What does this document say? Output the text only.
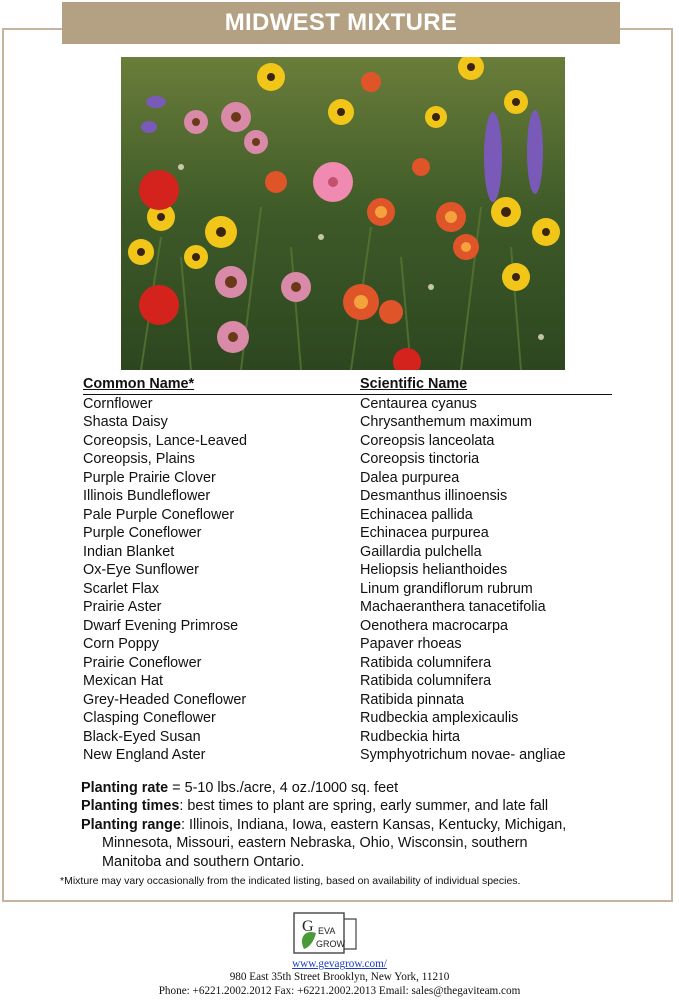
MIDWEST MIXTURE
Common Name*	Scientific Name
Cornflower	Centaurea cyanus
Shasta Daisy	Chrysanthemum maximum
Coreopsis, Lance-Leaved	Coreopsis lanceolata
Coreopsis, Plains	Coreopsis tinctoria
Purple Prairie Clover	Dalea purpurea
Illinois Bundleflower	Desmanthus illinoensis
Pale Purple Coneflower	Echinacea pallida
Purple Coneflower	Echinacea purpurea
Indian Blanket	Gaillardia pulchella
Ox-Eye Sunflower	Heliopsis helianthoides
Scarlet Flax	Linum grandiflorum rubrum
Prairie Aster	Machaeranthera tanacetifolia
Dwarf Evening Primrose	Oenothera macrocarpa
Corn Poppy	Papaver rhoeas
Prairie Coneflower	Ratibida columnifera
Mexican Hat	Ratibida columnifera
Grey-Headed Coneflower	Ratibida pinnata
Clasping Coneflower	Rudbeckia amplexicaulis
Black-Eyed Susan	Rudbeckia hirta
New England Aster	Symphyotrichum novae- angliae

Planting rate = 5-10 lbs./acre, 4 oz./1000 sq. feet

Planting times: best times to plant are spring, early summer, and late fall

Planting range: Illinois, Indiana, Iowa, eastern Kansas, Kentucky, Michigan,

Minnesota, Missouri, eastern Nebraska, Ohio, Wisconsin, southern

Manitoba and southern Ontario.

*Mixture may vary occasionally from the indicated listing, based on availability of individual species.
G EVA
GROW
www.gevagrow.com/
980 East 35th Street Brooklyn, New York, 11210
Phone: +6221.2002.2012 Fax: +6221.2002.2013 Email: sales@thegaviteam.com
